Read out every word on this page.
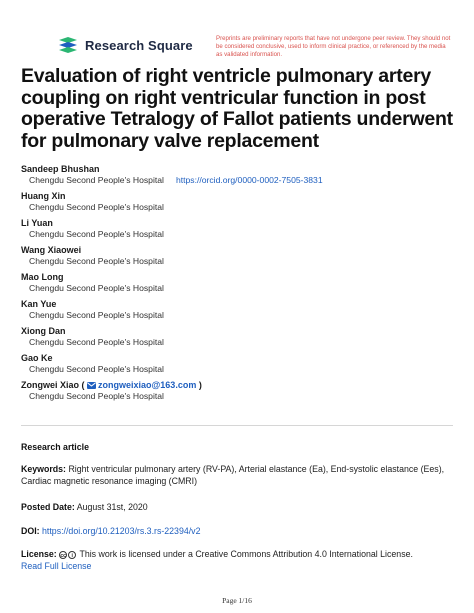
Research Square	Preprints are preliminary reports that have not undergone peer review. They should not be considered conclusive, used to inform clinical practice, or referenced by the media as validated information.
Evaluation of right ventricle pulmonary artery coupling on right ventricular function in post operative Tetralogy of Fallot patients underwent for pulmonary valve replacement
Sandeep Bhushan
Chengdu Second People's Hospital https://orcid.org/0000-0002-7505-3831
Huang Xin
Chengdu Second People's Hospital
Li Yuan
Chengdu Second People's Hospital
Wang Xiaowei
Chengdu Second People's Hospital
Mao Long
Chengdu Second People's Hospital
Kan Yue
Chengdu Second People's Hospital
Xiong Dan
Chengdu Second People's Hospital
Gao Ke
Chengdu Second People's Hospital
Zongwei Xiao ( zongweixiao@163.com )
Chengdu Second People's Hospital
Research article
Keywords: Right ventricular pulmonary artery (RV-PA), Arterial elastance (Ea), End-systolic elastance (Ees), Cardiac magnetic resonance imaging (CMRI)
Posted Date: August 31st, 2020
DOI: https://doi.org/10.21203/rs.3.rs-22394/v2
License: cc i This work is licensed under a Creative Commons Attribution 4.0 International License.
Read Full License
Page 1/16
